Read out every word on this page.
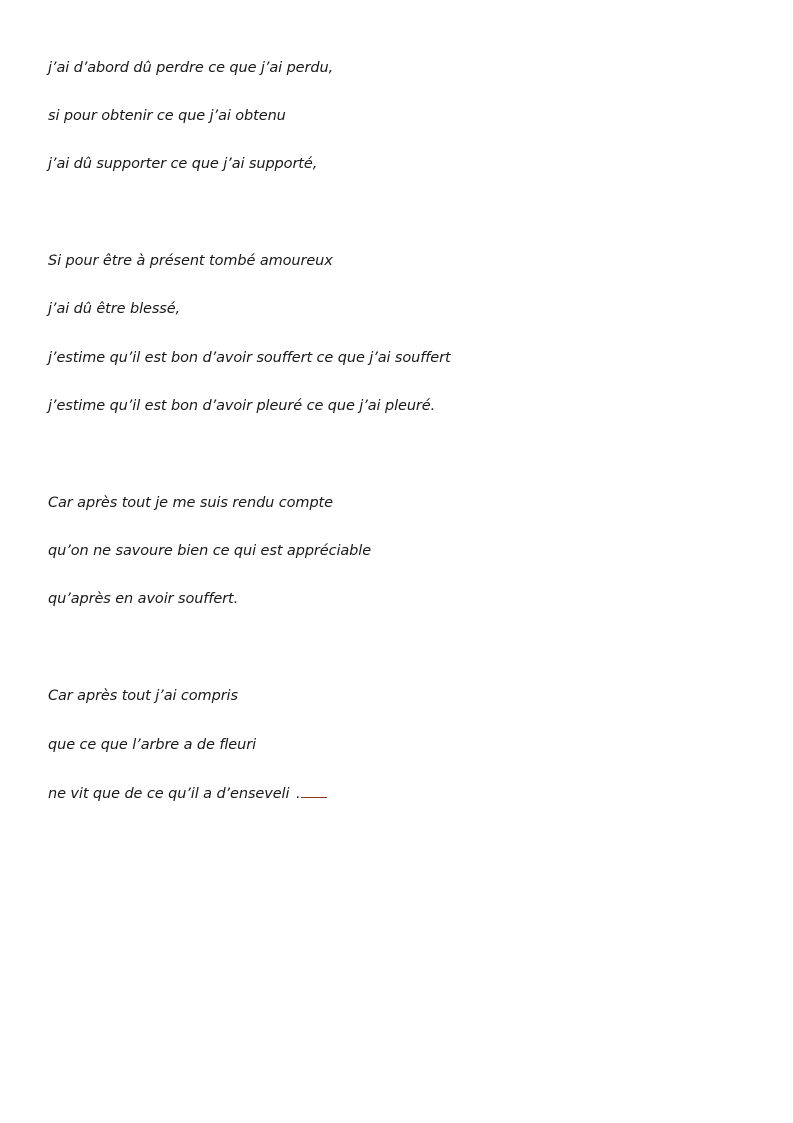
j’ai d’abord dû perdre ce que j’ai perdu,

si pour obtenir ce que j’ai obtenu

j’ai dû supporter ce que j’ai supporté,

Si pour être à présent tombé amoureux

j’ai dû être blessé,

j’estime qu’il est bon d’avoir souffert ce que j’ai souffert

j’estime qu’il est bon d’avoir pleuré ce que j’ai pleuré.

Car après tout je me suis rendu compte

qu’on ne savoure bien ce qui est appréciable

qu’après en avoir souffert.

Car après tout j’ai compris

que ce que l’arbre a de fleuri

ne vit que de ce qu’il a d’enseveli .
